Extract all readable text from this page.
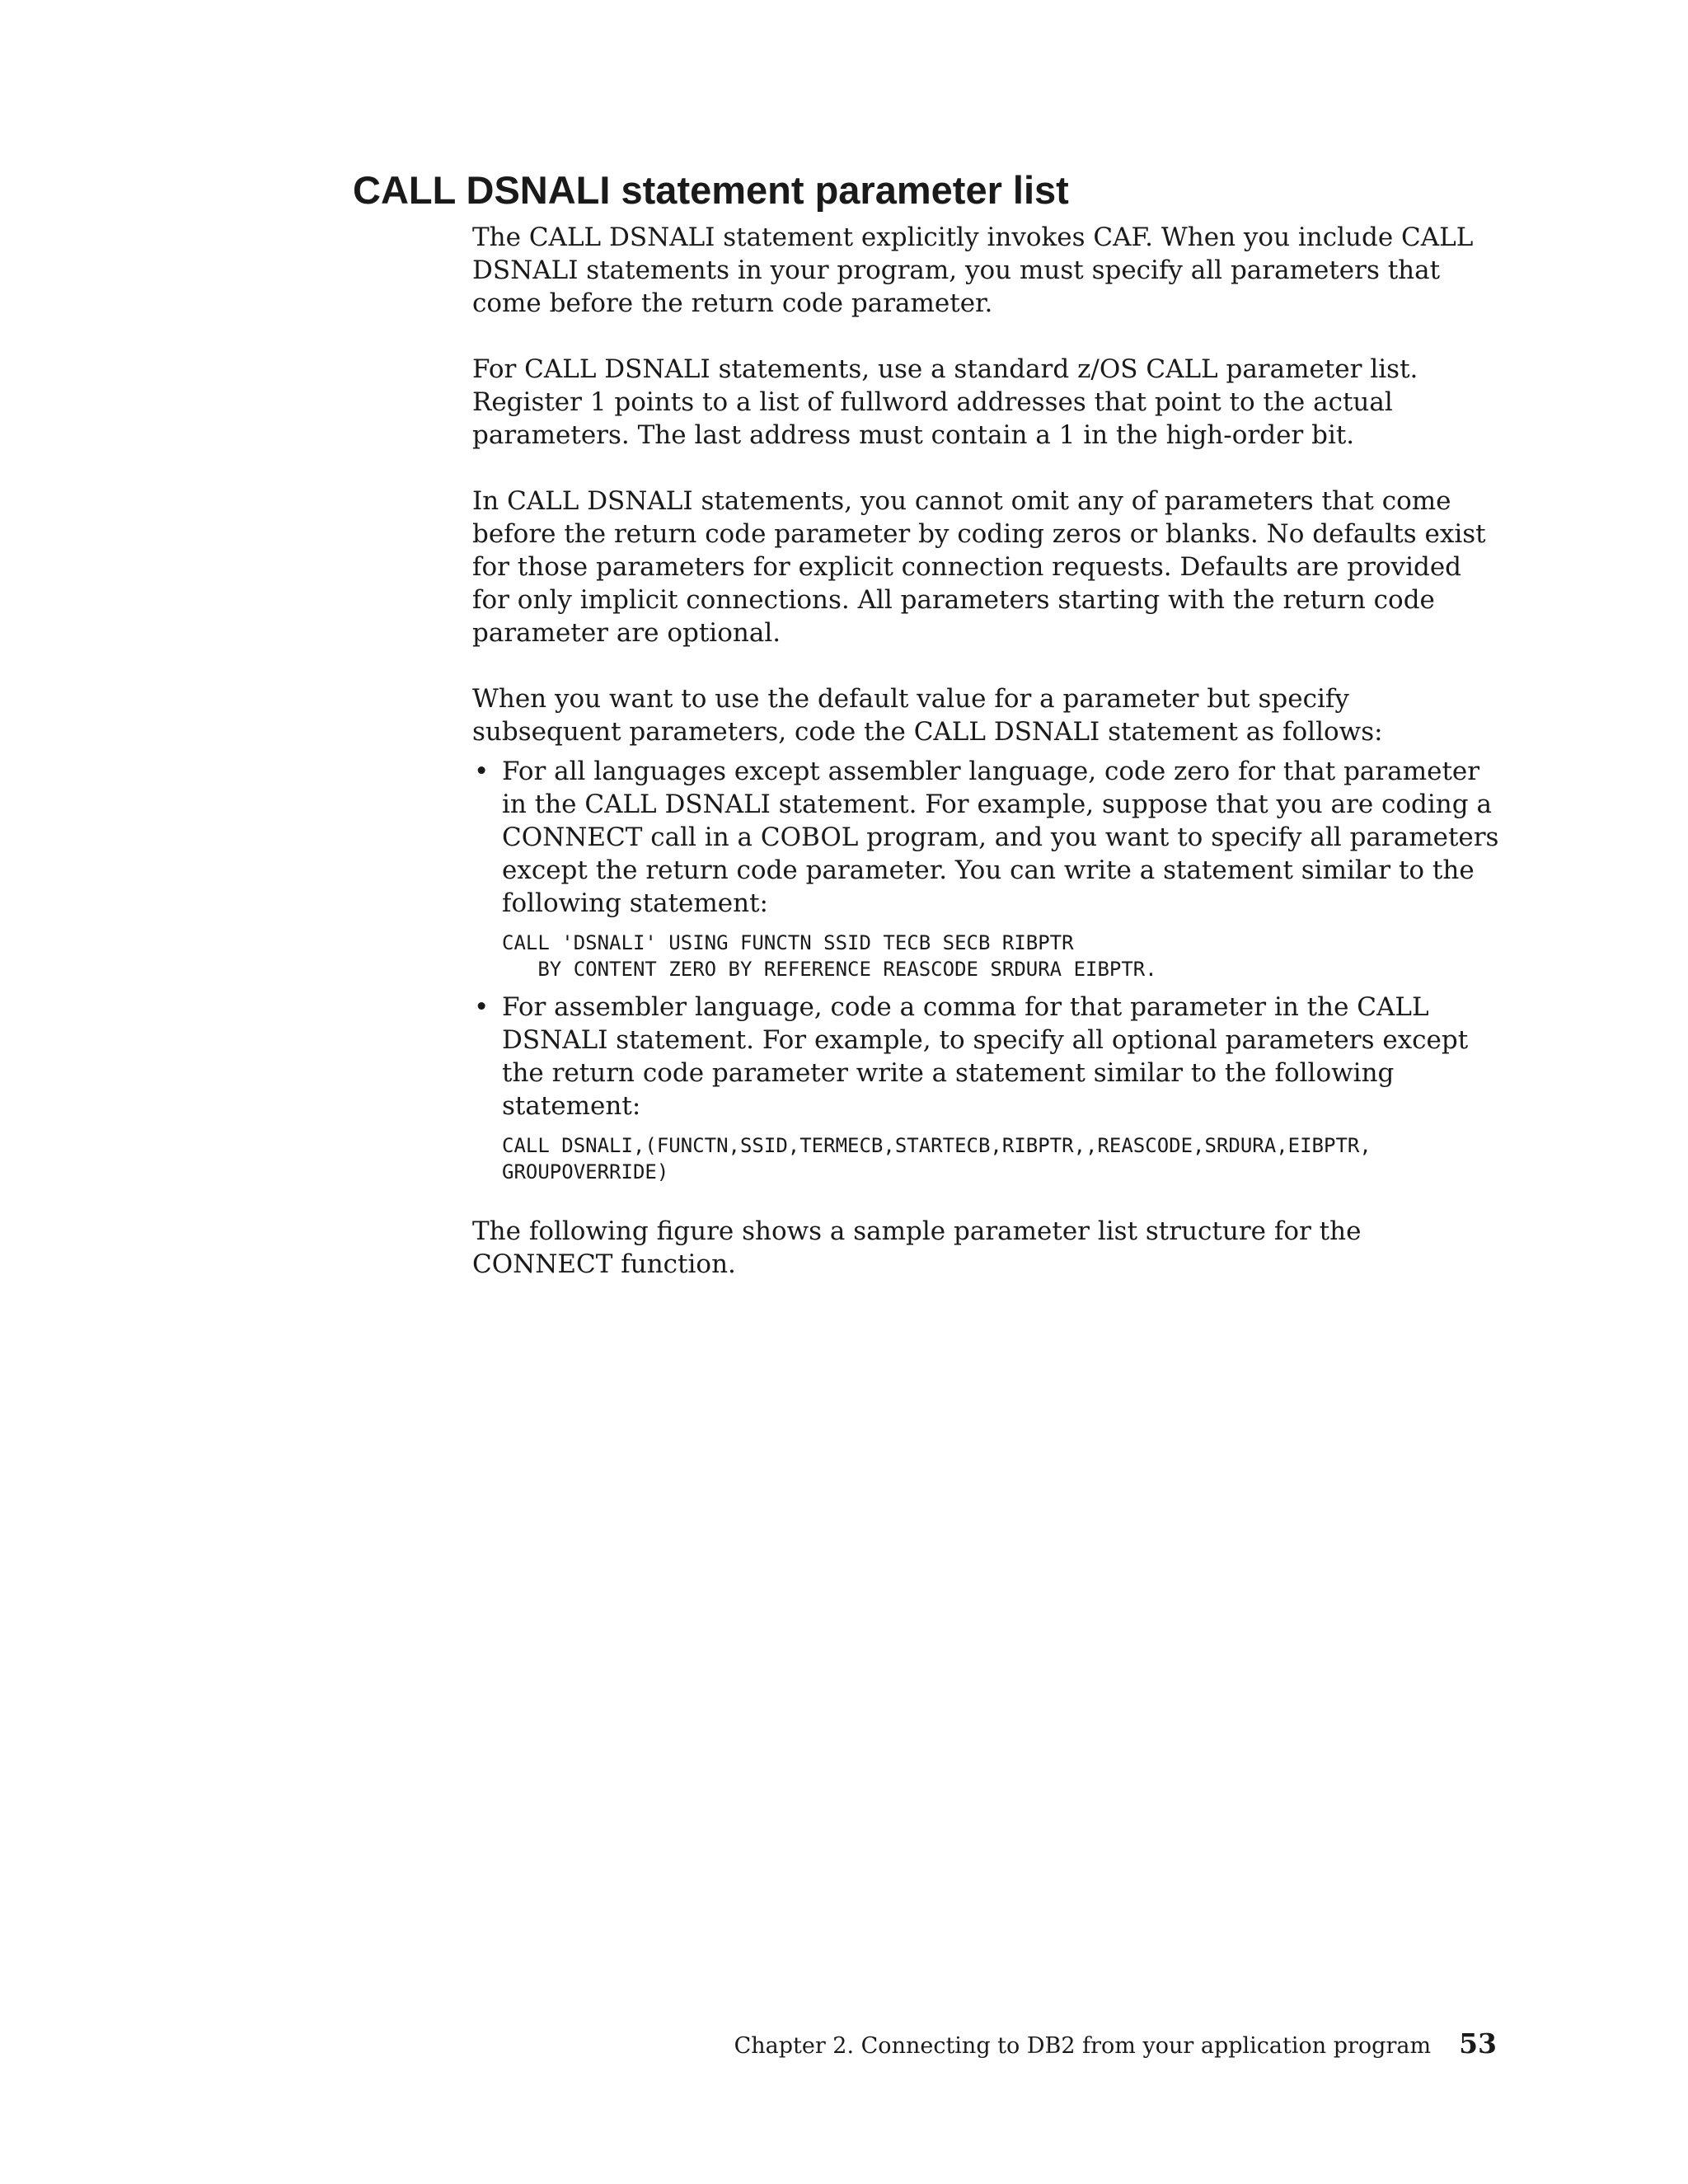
CALL DSNALI statement parameter list

The CALL DSNALI statement explicitly invokes CAF. When you include CALL DSNALI statements in your program, you must specify all parameters that come before the return code parameter.

For CALL DSNALI statements, use a standard z/OS CALL parameter list. Register 1 points to a list of fullword addresses that point to the actual parameters. The last address must contain a 1 in the high-order bit.

In CALL DSNALI statements, you cannot omit any of parameters that come before the return code parameter by coding zeros or blanks. No defaults exist for those parameters for explicit connection requests. Defaults are provided for only implicit connections. All parameters starting with the return code parameter are optional.

When you want to use the default value for a parameter but specify subsequent parameters, code the CALL DSNALI statement as follows:

• For all languages except assembler language, code zero for that parameter in the CALL DSNALI statement. For example, suppose that you are coding a CONNECT call in a COBOL program, and you want to specify all parameters except the return code parameter. You can write a statement similar to the following statement:
CALL 'DSNALI' USING FUNCTN SSID TECB SECB RIBPTR
BY CONTENT ZERO BY REFERENCE REASCODE SRDURA EIBPTR.
• For assembler language, code a comma for that parameter in the CALL DSNALI statement. For example, to specify all optional parameters except the return code parameter write a statement similar to the following statement:
CALL DSNALI,(FUNCTN,SSID,TERMECB,STARTECB,RIBPTR,,REASCODE,SRDURA,EIBPTR,
GROUPOVERRIDE)

The following figure shows a sample parameter list structure for the CONNECT function.

Chapter 2. Connecting to DB2 from your application program 53
